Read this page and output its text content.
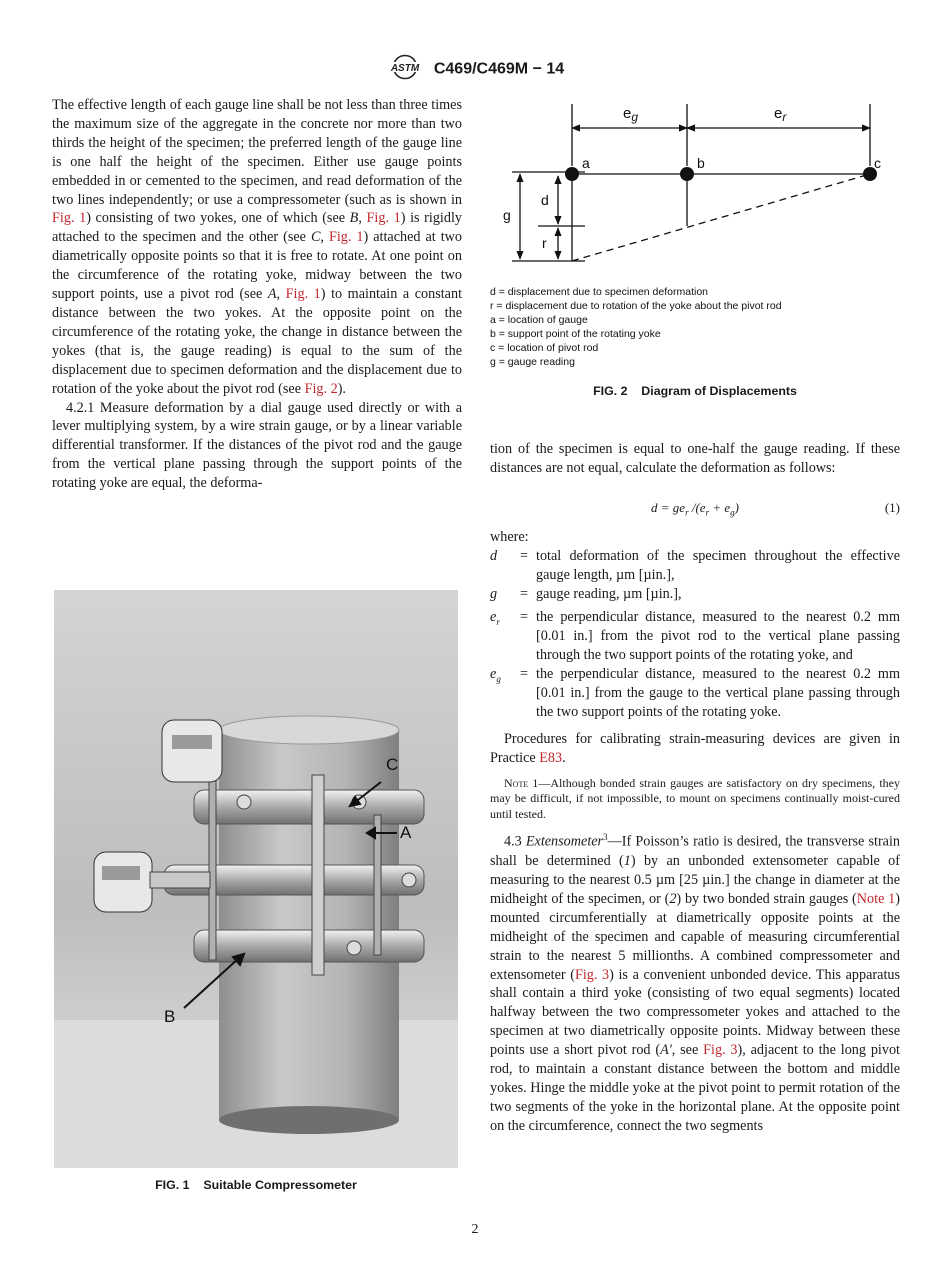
ASTM C469/C469M − 14

The effective length of each gauge line shall be not less than three times the maximum size of the aggregate in the concrete nor more than two thirds the height of the specimen; the preferred length of the gauge line is one half the height of the specimen. Either use gauge points embedded in or cemented to the specimen, and read deformation of the two lines independently; or use a compressometer (such as is shown in Fig. 1) consisting of two yokes, one of which (see B, Fig. 1) is rigidly attached to the specimen and the other (see C, Fig. 1) attached at two diametrically opposite points so that it is free to rotate. At one point on the circumference of the rotating yoke, midway between the two support points, use a pivot rod (see A, Fig. 1) to maintain a constant distance between the two yokes. At the opposite point on the circumference of the rotating yoke, the change in distance between the yokes (that is, the gauge reading) is equal to the sum of the displacement due to specimen deformation and the displacement due to rotation of the yoke about the pivot rod (see Fig. 2).

4.2.1 Measure deformation by a dial gauge used directly or with a lever multiplying system, by a wire strain gauge, or by a linear variable differential transformer. If the distances of the pivot rod and the gauge from the vertical plane passing through the support points of the rotating yoke are equal, the deforma-

$e_g$	$e_r$
a	b	c
d
g
r
d = displacement due to specimen deformation
r = displacement due to rotation of the yoke about the pivot rod
a = location of gauge
b = support point of the rotating yoke
c = location of pivot rod
g = gauge reading
FIG. 2 Diagram of Displacements

tion of the specimen is equal to one-half the gauge reading. If these distances are not equal, calculate the deformation as follows:

$d = ge_r$ $/(e_r + e_g)$	(1)

where:

d	=	total deformation of the specimen throughout the effective gauge length, µm [µin.],
g	=	gauge reading, µm [µin.],
$e_r$	=	the perpendicular distance, measured to the nearest 0.2 mm [0.01 in.] from the pivot rod to the vertical plane passing through the two support points of the rotating yoke, and
$e_g$	=	the perpendicular distance, measured to the nearest 0.2 mm [0.01 in.] from the gauge to the vertical plane passing through the two support points of the rotating yoke.

Procedures for calibrating strain-measuring devices are given in Practice E83.

Note 1—Although bonded strain gauges are satisfactory on dry specimens, they may be difficult, if not impossible, to mount on specimens continually moist-cured until tested.

4.3 Extensometer$^3$—If Poisson’s ratio is desired, the transverse strain shall be determined (1) by an unbonded extensometer capable of measuring to the nearest 0.5 µm [25 µin.] the change in diameter at the midheight of the specimen, or (2) by two bonded strain gauges (Note 1) mounted circumferentially at diametrically opposite points at the midheight of the specimen and capable of measuring circumferential strain to the nearest 5 millionths. A combined compressometer and extensometer (Fig. 3) is a convenient unbonded device. This apparatus shall contain a third yoke (consisting of two equal segments) located halfway between the two compressometer yokes and attached to the specimen at two diametrically opposite points. Midway between these points use a short pivot rod (A', see Fig. 3), adjacent to the long pivot rod, to maintain a constant distance between the bottom and middle yokes. Hinge the middle yoke at the pivot point to permit rotation of the two segments of the yoke in the horizontal plane. At the opposite point on the circumference, connect the two segments

C
A
B
FIG. 1 Suitable Compressometer
2
